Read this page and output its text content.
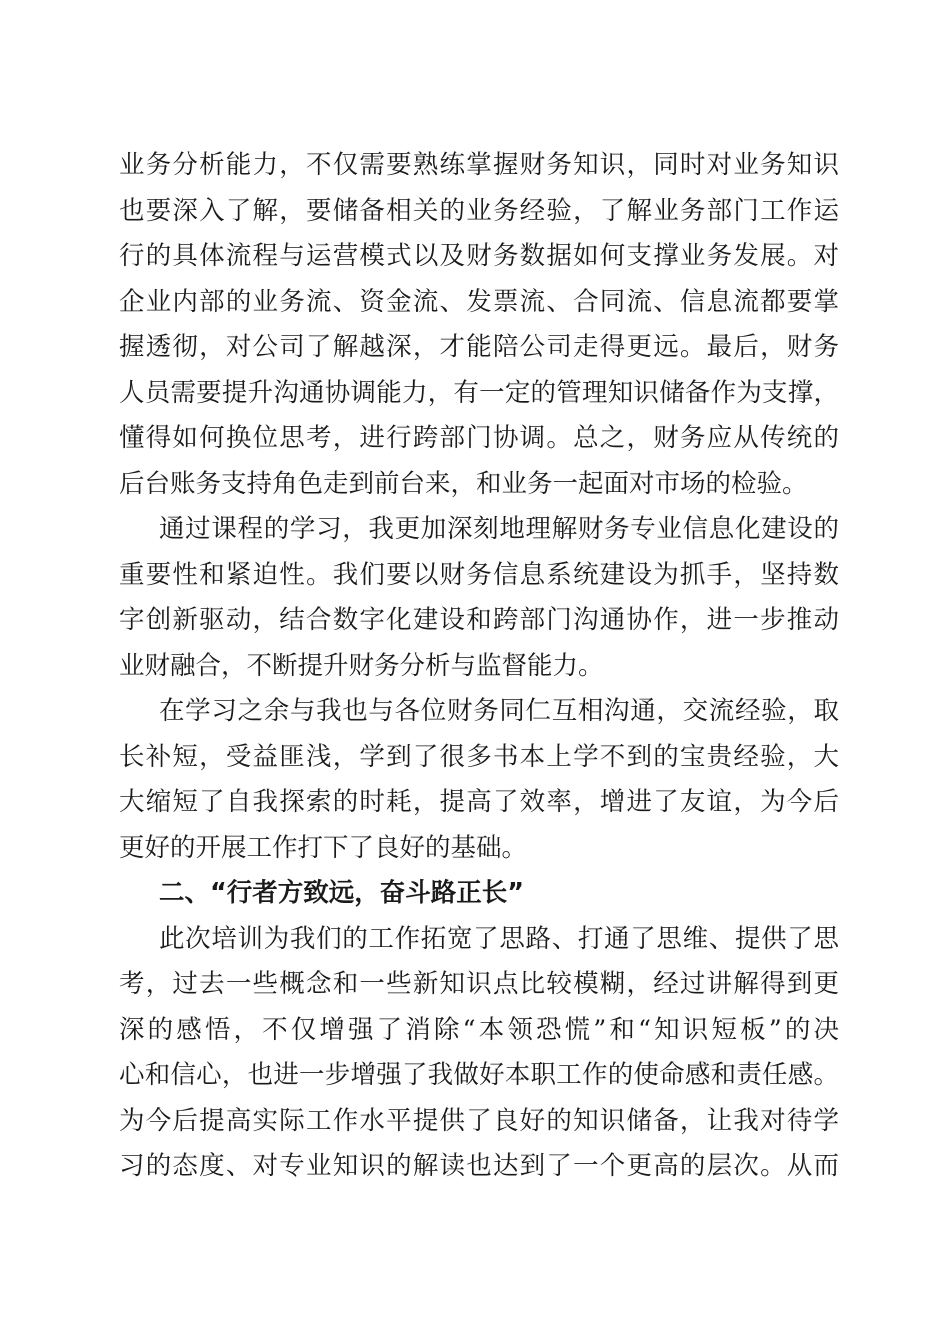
业务分析能力，不仅需要熟练掌握财务知识，同时对业务知识
也要深入了解，要储备相关的业务经验，了解业务部门工作运
行的具体流程与运营模式以及财务数据如何支撑业务发展。对
企业内部的业务流、资金流、发票流、合同流、信息流都要掌
握透彻，对公司了解越深，才能陪公司走得更远。最后，财务
人员需要提升沟通协调能力，有一定的管理知识储备作为支撑，
懂得如何换位思考，进行跨部门协调。总之，财务应从传统的
后台账务支持角色走到前台来，和业务一起面对市场的检验。
通过课程的学习，我更加深刻地理解财务专业信息化建设的
重要性和紧迫性。我们要以财务信息系统建设为抓手，坚持数
字创新驱动，结合数字化建设和跨部门沟通协作，进一步推动
业财融合，不断提升财务分析与监督能力。
在学习之余与我也与各位财务同仁互相沟通，交流经验，取
长补短，受益匪浅，学到了很多书本上学不到的宝贵经验，大
大缩短了自我探索的时耗，提高了效率，增进了友谊，为今后
更好的开展工作打下了良好的基础。
二、“行者方致远，奋斗路正长”
此次培训为我们的工作拓宽了思路、打通了思维、提供了思
考，过去一些概念和一些新知识点比较模糊，经过讲解得到更
深的感悟，不仅增强了消除“本领恐慌”和“知识短板”的决
心和信心，也进一步增强了我做好本职工作的使命感和责任感。
为今后提高实际工作水平提供了良好的知识储备，让我对待学
习的态度、对专业知识的解读也达到了一个更高的层次。从而
